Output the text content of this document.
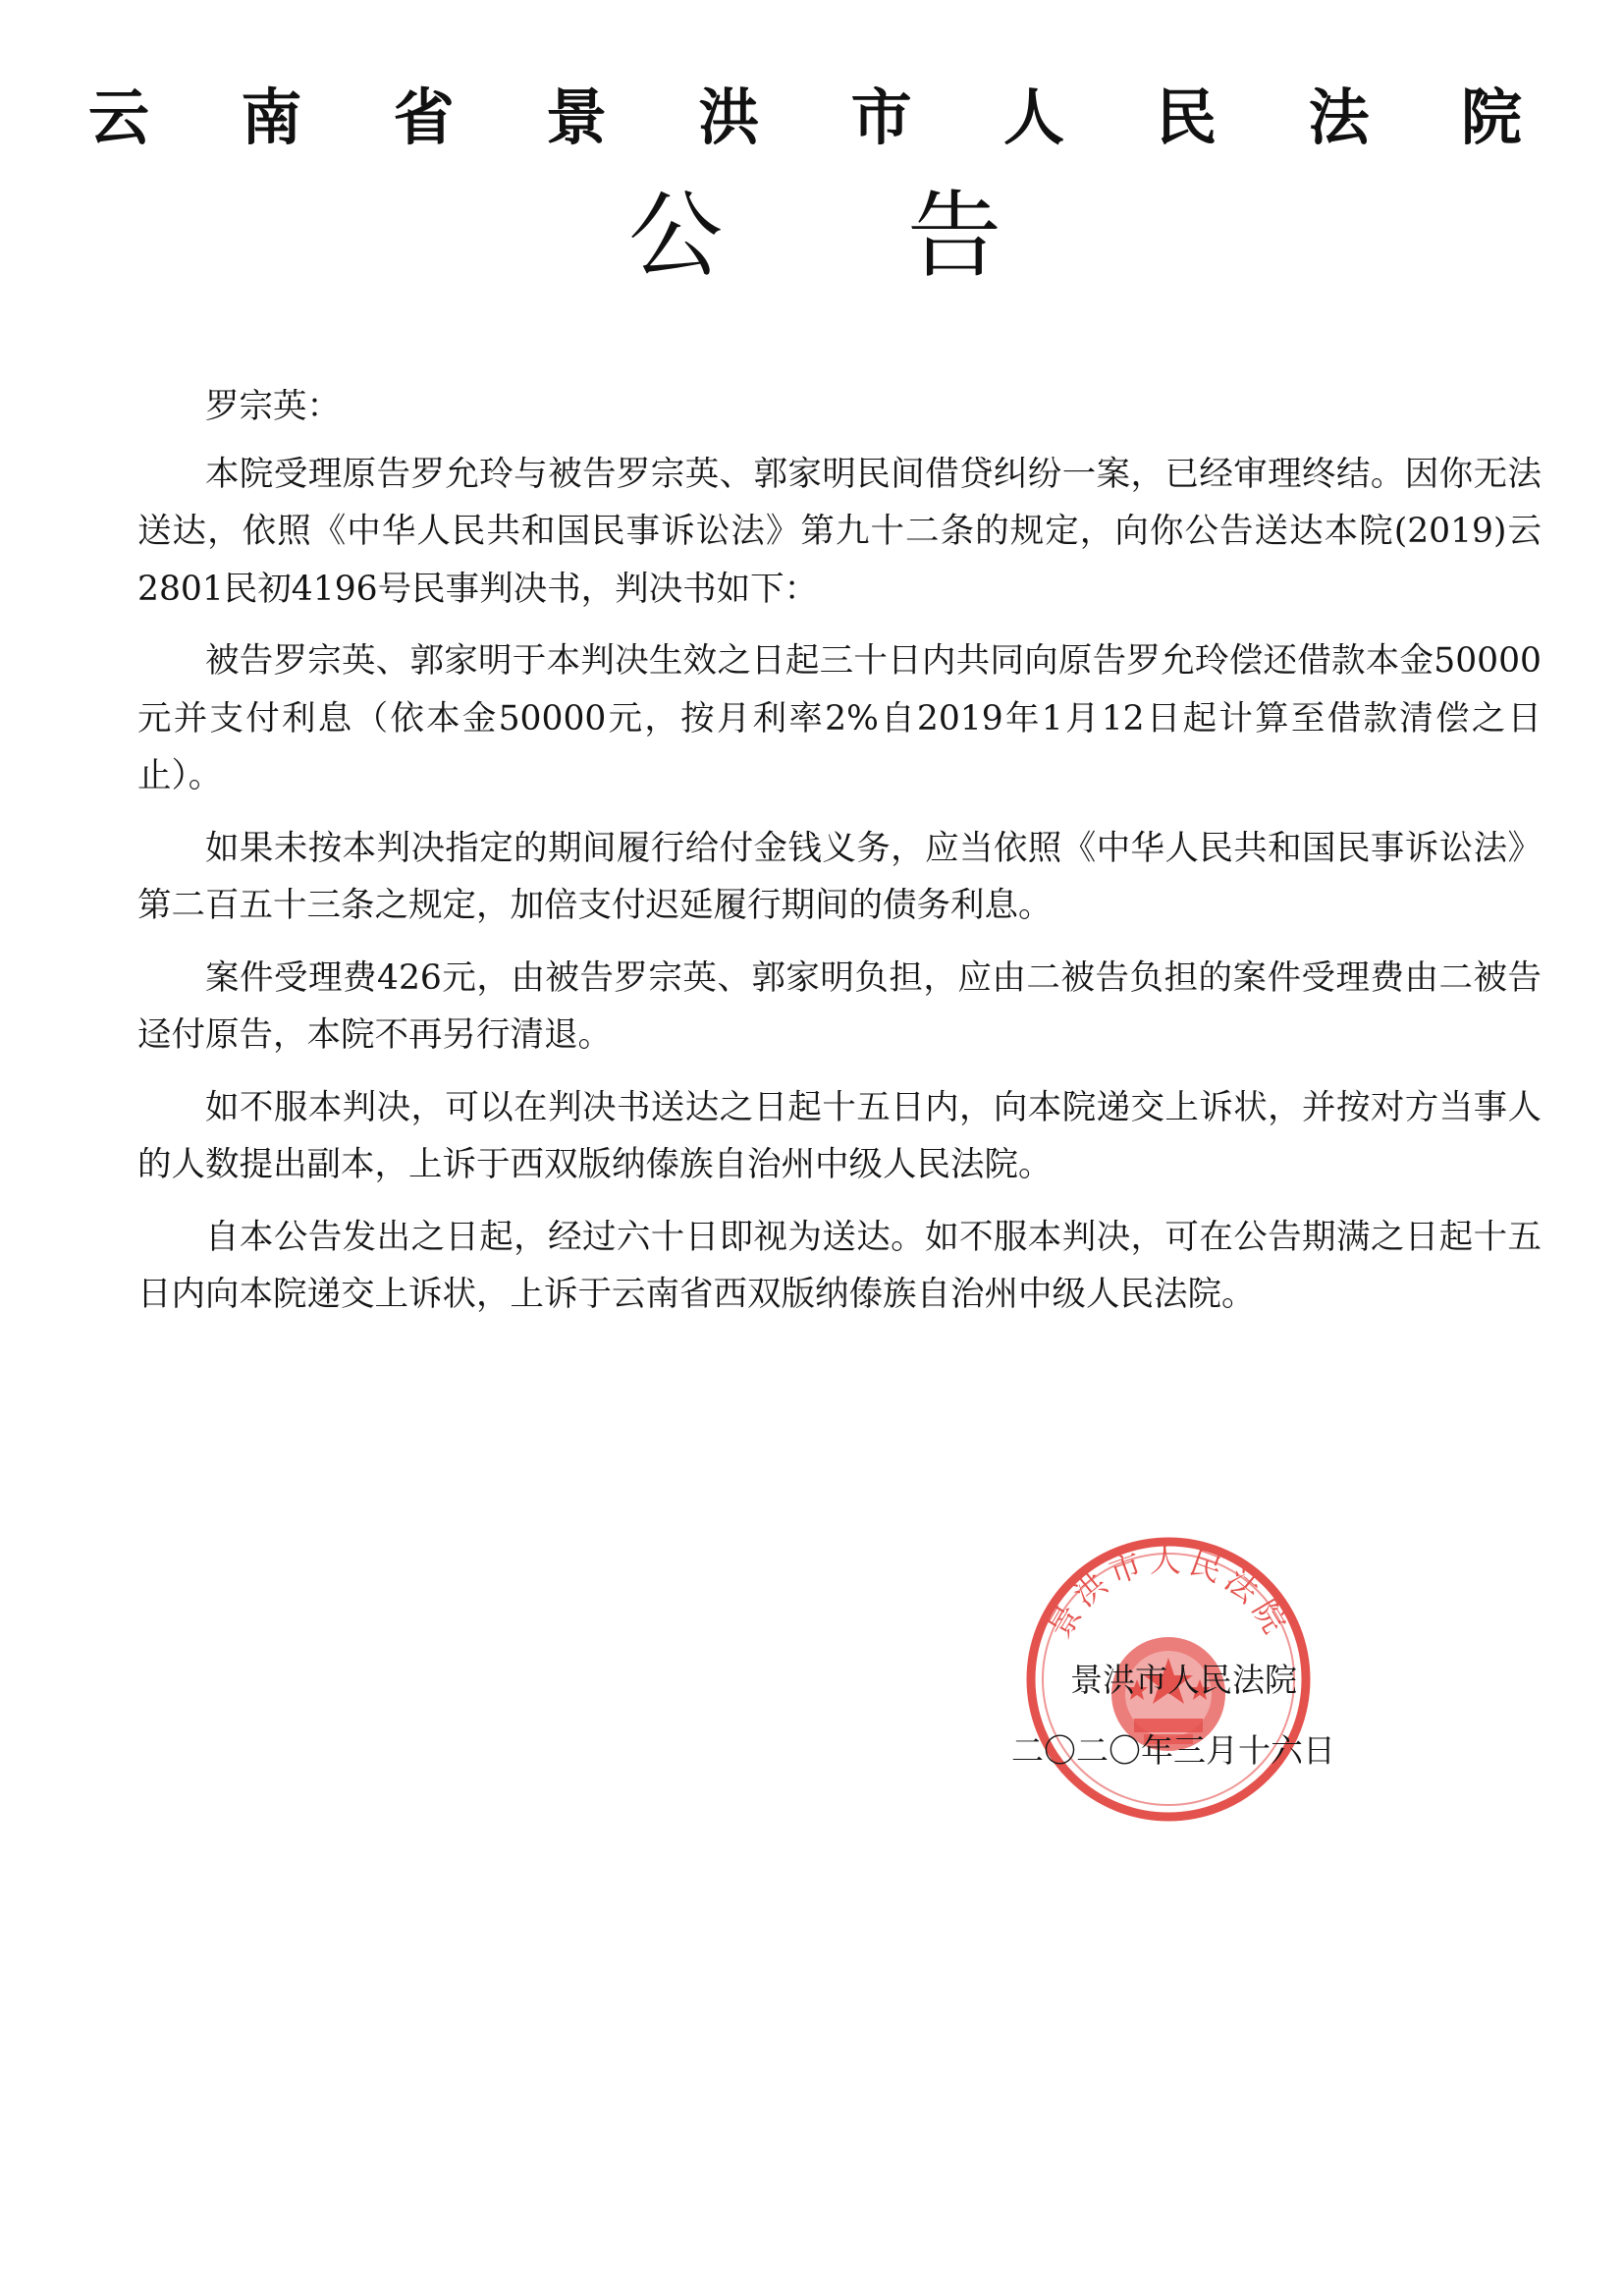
云 南 省 景 洪 市 人 民 法 院
公 告

罗宗英：

本院受理原告罗允玲与被告罗宗英、郭家明民间借贷纠纷一案，已经审理终结。因你无法送达，依照《中华人民共和国民事诉讼法》第九十二条的规定，向你公告送达本院(2019)云2801民初4196号民事判决书，判决书如下：

被告罗宗英、郭家明于本判决生效之日起三十日内共同向原告罗允玲偿还借款本金50000元并支付利息（依本金50000元，按月利率2%自2019年1月12日起计算至借款清偿之日止）。

如果未按本判决指定的期间履行给付金钱义务，应当依照《中华人民共和国民事诉讼法》第二百五十三条之规定，加倍支付迟延履行期间的债务利息。

案件受理费426元，由被告罗宗英、郭家明负担，应由二被告负担的案件受理费由二被告迳付原告，本院不再另行清退。

如不服本判决，可以在判决书送达之日起十五日内，向本院递交上诉状，并按对方当事人的人数提出副本，上诉于西双版纳傣族自治州中级人民法院。

自本公告发出之日起，经过六十日即视为送达。如不服本判决，可在公告期满之日起十五日内向本院递交上诉状，上诉于云南省西双版纳傣族自治州中级人民法院。

景洪市人民法院
景洪市人民法院
二〇二〇年三月十六日
